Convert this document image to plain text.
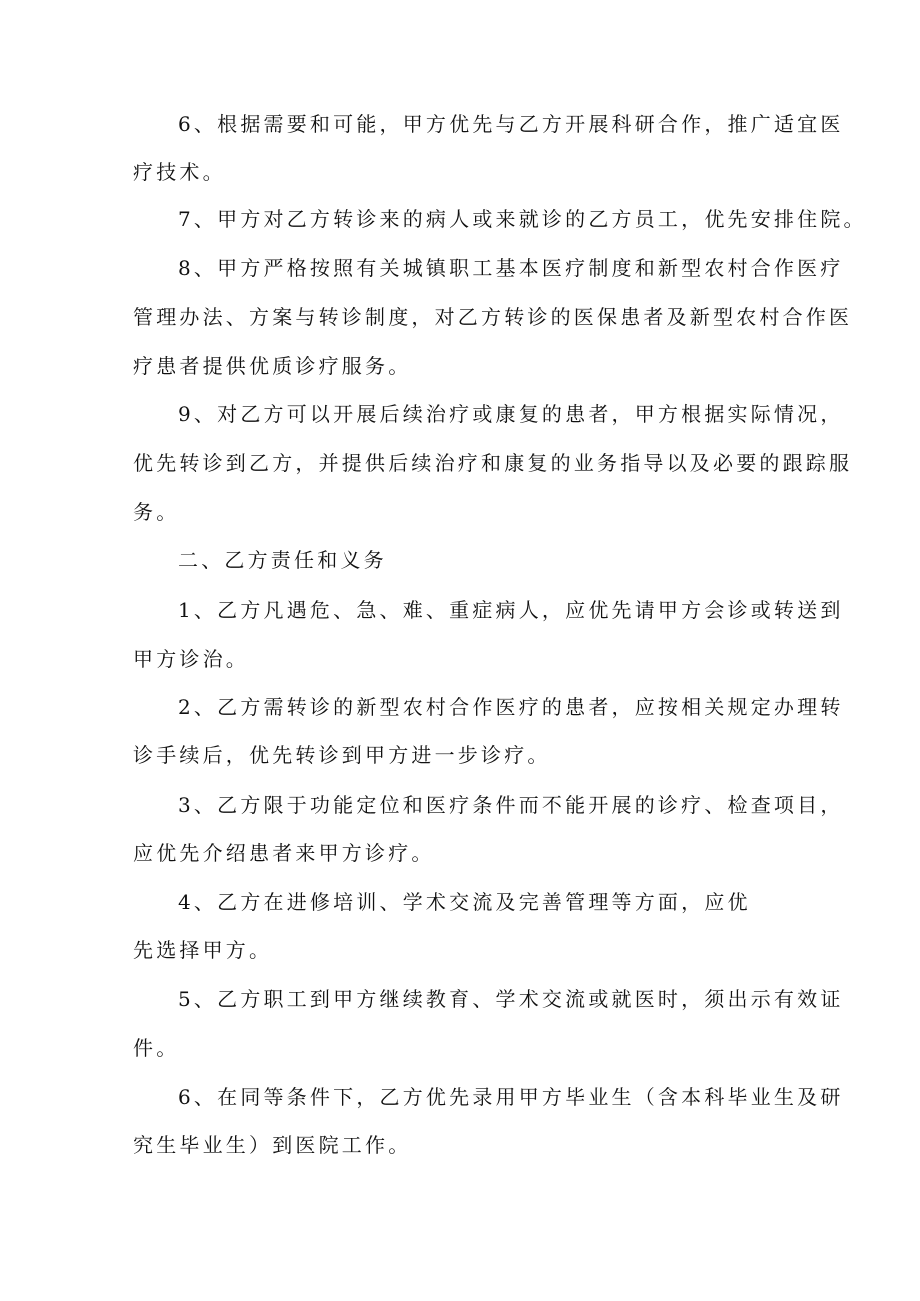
6、根据需要和可能，甲方优先与乙方开展科研合作，推广适宜医
疗技术。
7、甲方对乙方转诊来的病人或来就诊的乙方员工，优先安排住院。
8、甲方严格按照有关城镇职工基本医疗制度和新型农村合作医疗
管理办法、方案与转诊制度，对乙方转诊的医保患者及新型农村合作医
疗患者提供优质诊疗服务。
9、对乙方可以开展后续治疗或康复的患者，甲方根据实际情况，
优先转诊到乙方，并提供后续治疗和康复的业务指导以及必要的跟踪服
务。
二、乙方责任和义务
1、乙方凡遇危、急、难、重症病人，应优先请甲方会诊或转送到
甲方诊治。
2、乙方需转诊的新型农村合作医疗的患者，应按相关规定办理转
诊手续后，优先转诊到甲方进一步诊疗。
3、乙方限于功能定位和医疗条件而不能开展的诊疗、检查项目，
应优先介绍患者来甲方诊疗。
4、乙方在进修培训、学术交流及完善管理等方面，应优
先选择甲方。
5、乙方职工到甲方继续教育、学术交流或就医时，须出示有效证
件。
6、在同等条件下，乙方优先录用甲方毕业生（含本科毕业生及研
究生毕业生）到医院工作。
